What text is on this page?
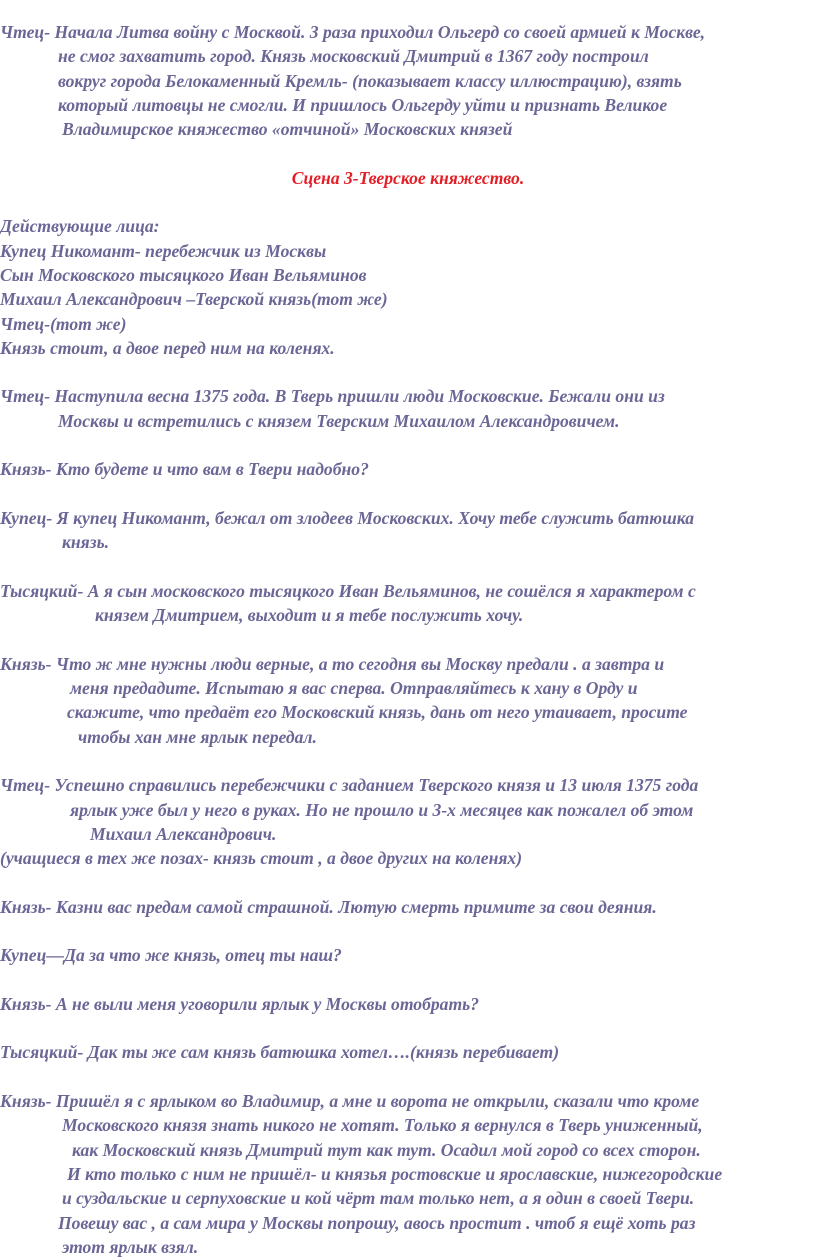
Чтец- Начала Литва войну с Москвой. 3 раза приходил Ольгерд со своей армией к Москве,
не смог захватить город. Князь московский Дмитрий в 1367 году построил
вокруг города Белокаменный Кремль- (показывает классу иллюстрацию), взять
который литовцы не смогли. И пришлось Ольгерду уйти и признать Великое
Владимирское княжество «отчиной» Московских князей
Сцена 3-Тверское княжество.
Действующие лица:
Купец Никомант- перебежчик из Москвы
Сын Московского тысяцкого Иван Вельяминов
Михаил Александрович –Тверской князь(тот же)
Чтец-(тот же)
Князь стоит, а двое перед ним на коленях.
Чтец- Наступила весна 1375 года. В Тверь пришли люди Московские. Бежали они из
Москвы и встретились с князем Тверским Михаилом Александровичем.
Князь- Кто будете и что вам в Твери надобно?
Купец- Я купец Никомант, бежал от злодеев Московских. Хочу тебе служить батюшка
князь.
Тысяцкий- А я сын московского тысяцкого Иван Вельяминов, не сошёлся я характером с
князем Дмитрием, выходит и я тебе послужить хочу.
Князь- Что ж мне нужны люди верные, а то сегодня вы Москву предали . а завтра и
меня предадите. Испытаю я вас сперва. Отправляйтесь к хану в Орду и
скажите, что предаёт его Московский князь, дань от него утаивает, просите
чтобы хан мне ярлык передал.
Чтец- Успешно справились перебежчики с заданием Тверского князя и 13 июля 1375 года
ярлык уже был у него в руках. Но не прошло и 3-х месяцев как пожалел об этом
Михаил Александрович.
(учащиеся в тех же позах- князь стоит , а двое других на коленях)
Князь- Казни вас предам самой страшной. Лютую смерть примите за свои деяния.
Купец—Да за что же князь, отец ты наш?
Князь- А не выли меня уговорили ярлык у Москвы отобрать?
Тысяцкий- Дак ты же сам князь батюшка хотел….(князь перебивает)
Князь- Пришёл я с ярлыком во Владимир, а мне и ворота не открыли, сказали что кроме
Московского князя знать никого не хотят. Только я вернулся в Тверь униженный,
как Московский князь Дмитрий тут как тут. Осадил мой город со всех сторон.
И кто только с ним не пришёл- и князья ростовские и ярославские, нижегородские
и суздальские и серпуховские и кой чёрт там только нет, а я один в своей Твери.
Повешу вас , а сам мира у Москвы попрошу, авось простит . чтоб я ещё хоть раз
этот ярлык взял.
